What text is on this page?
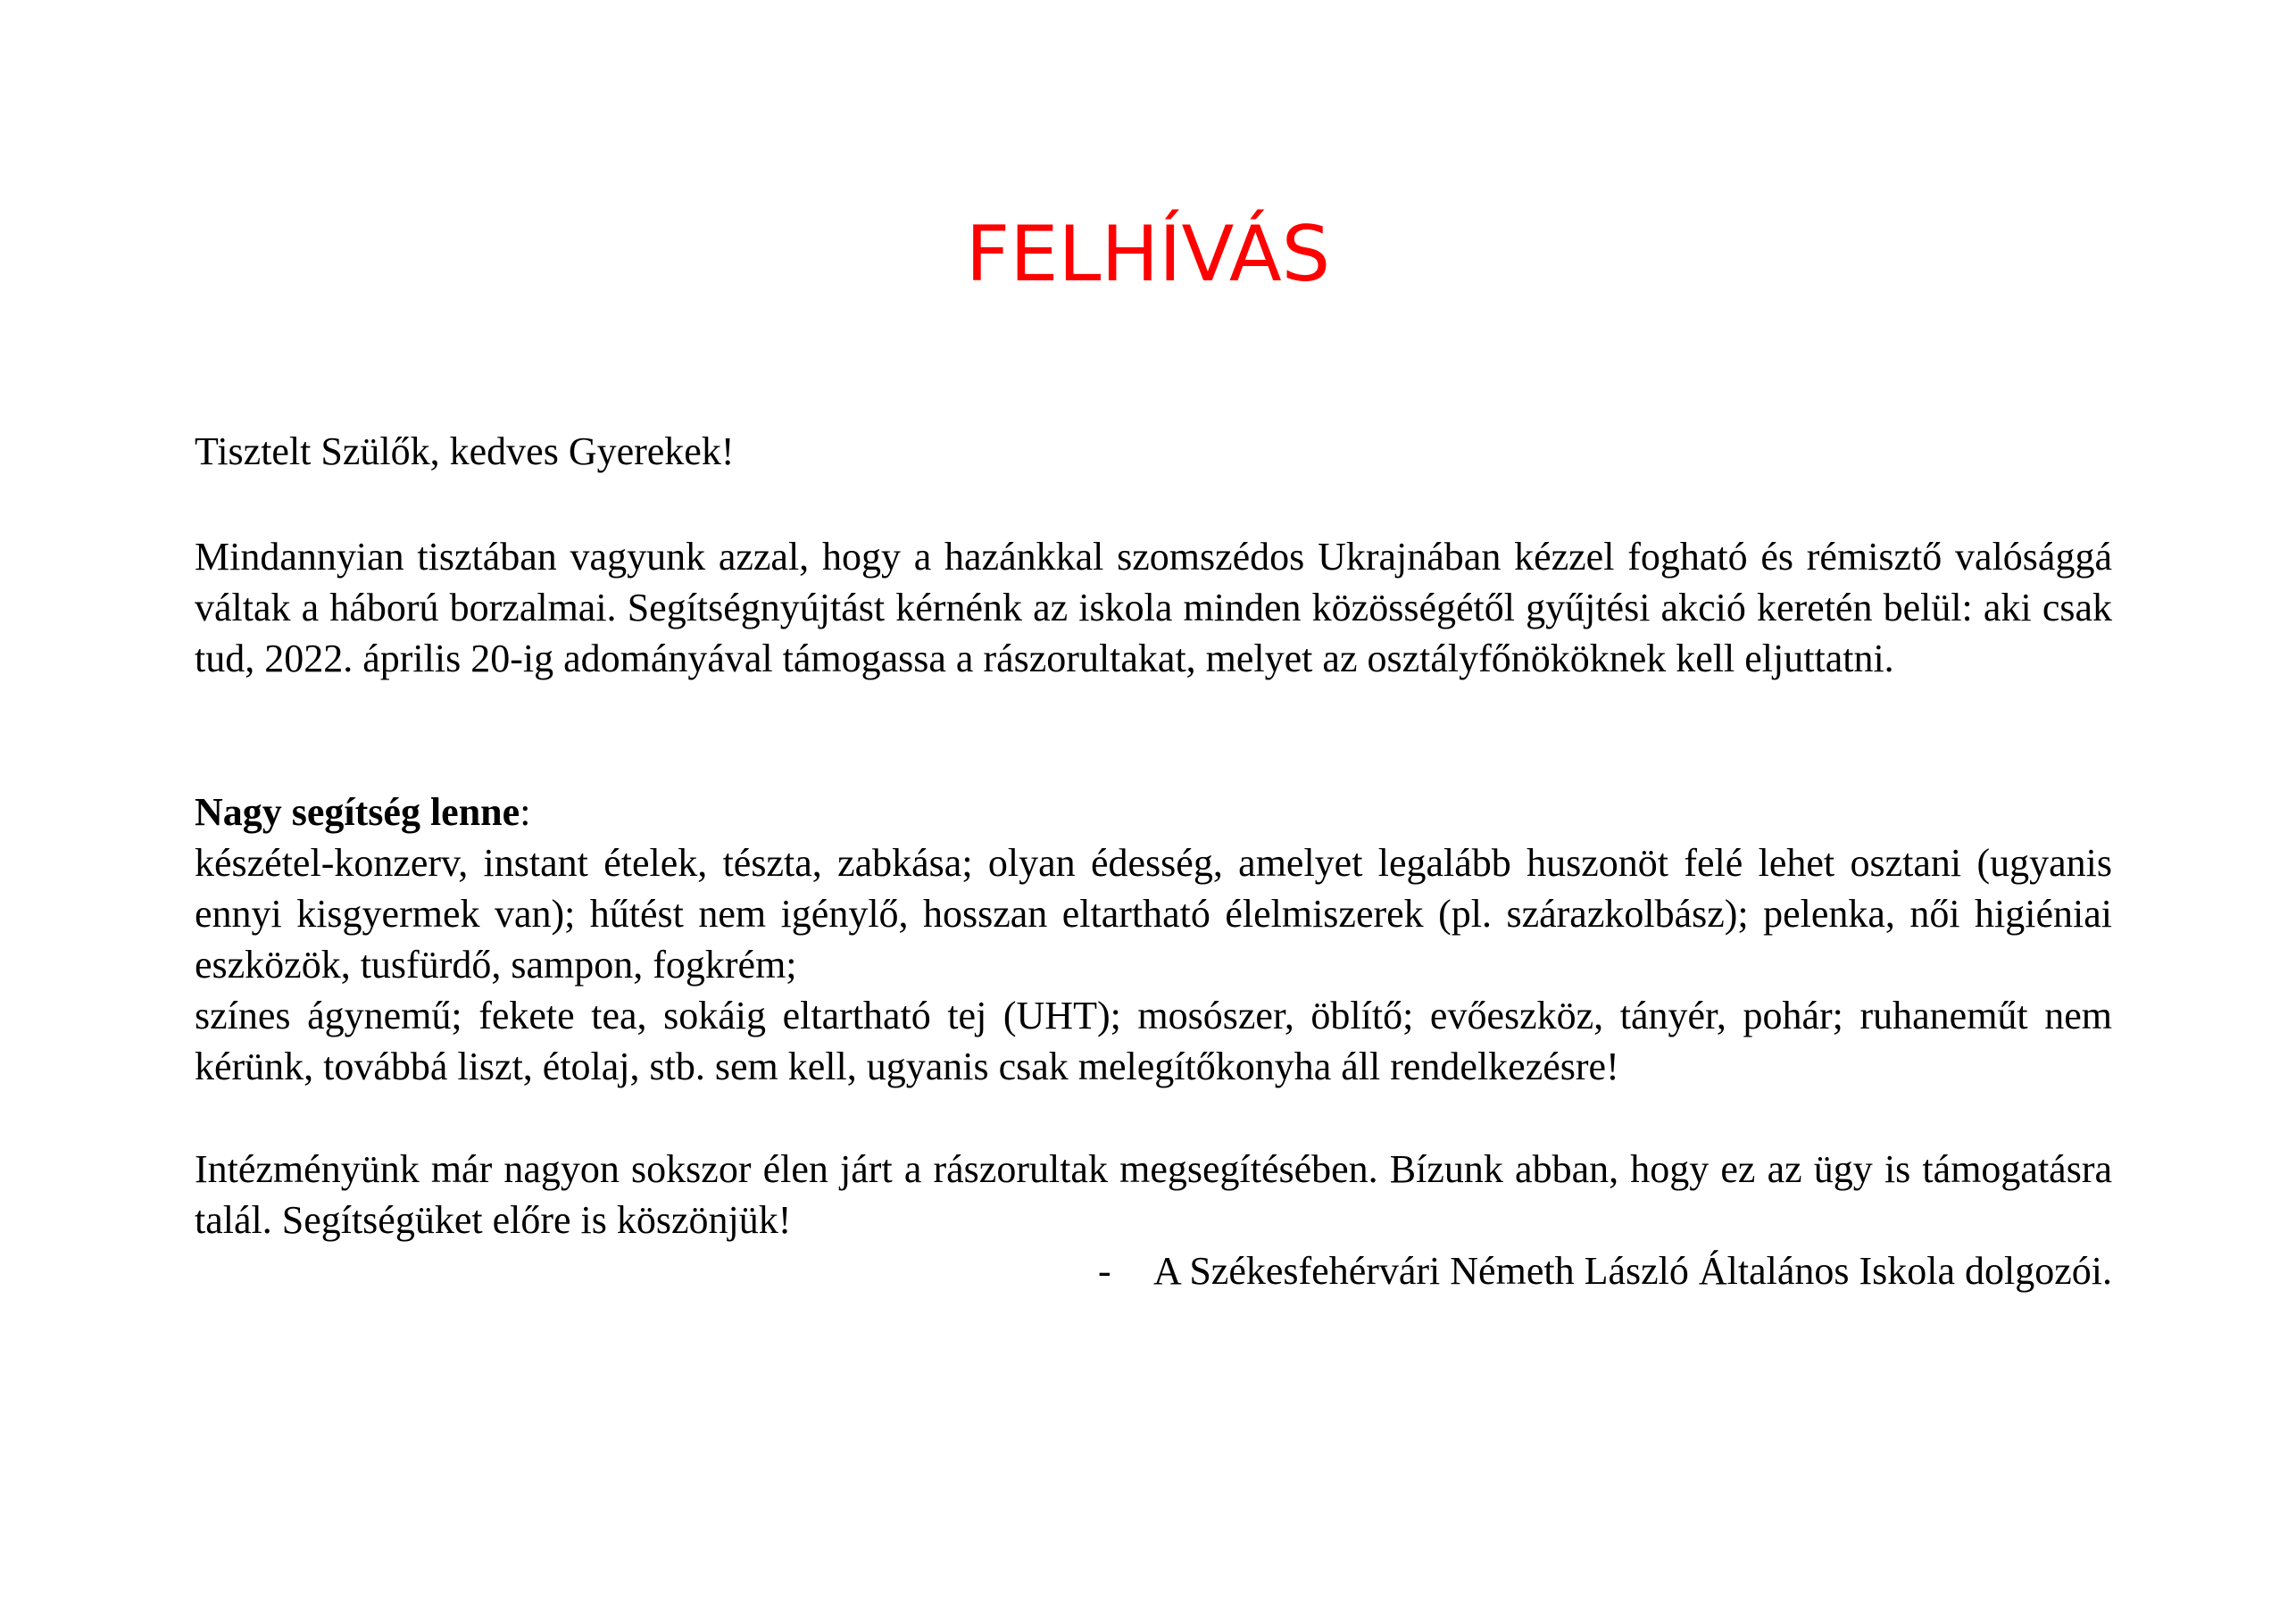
FELHÍVÁS

Tisztelt Szülők, kedves Gyerekek!

Mindannyian tisztában vagyunk azzal, hogy a hazánkkal szomszédos Ukrajnában kézzel fogható és rémisztő valósággá váltak a háború borzalmai. Segítségnyújtást kérnénk az iskola minden közösségétől gyűjtési akció keretén belül: aki csak tud, 2022. április 20-ig adományával támogassa a rászorultakat, melyet az osztályfőnököknek kell eljuttatni.

Nagy segítség lenne:

készétel-konzerv, instant ételek, tészta, zabkása; olyan édesség, amelyet legalább huszonöt felé lehet osztani (ugyanis ennyi kisgyermek van); hűtést nem igénylő, hosszan eltartható élelmiszerek (pl. szárazkolbász); pelenka, női higiéniai eszközök, tusfürdő, sampon, fogkrém;

színes ágynemű; fekete tea, sokáig eltartható tej (UHT); mosószer, öblítő; evőeszköz, tányér, pohár; ruhaneműt nem kérünk, továbbá liszt, étolaj, stb. sem kell, ugyanis csak melegítőkonyha áll rendelkezésre!

Intézményünk már nagyon sokszor élen járt a rászorultak megsegítésében. Bízunk abban, hogy ez az ügy is támogatásra talál. Segítségüket előre is köszönjük!

- A Székesfehérvári Németh László Általános Iskola dolgozói.
